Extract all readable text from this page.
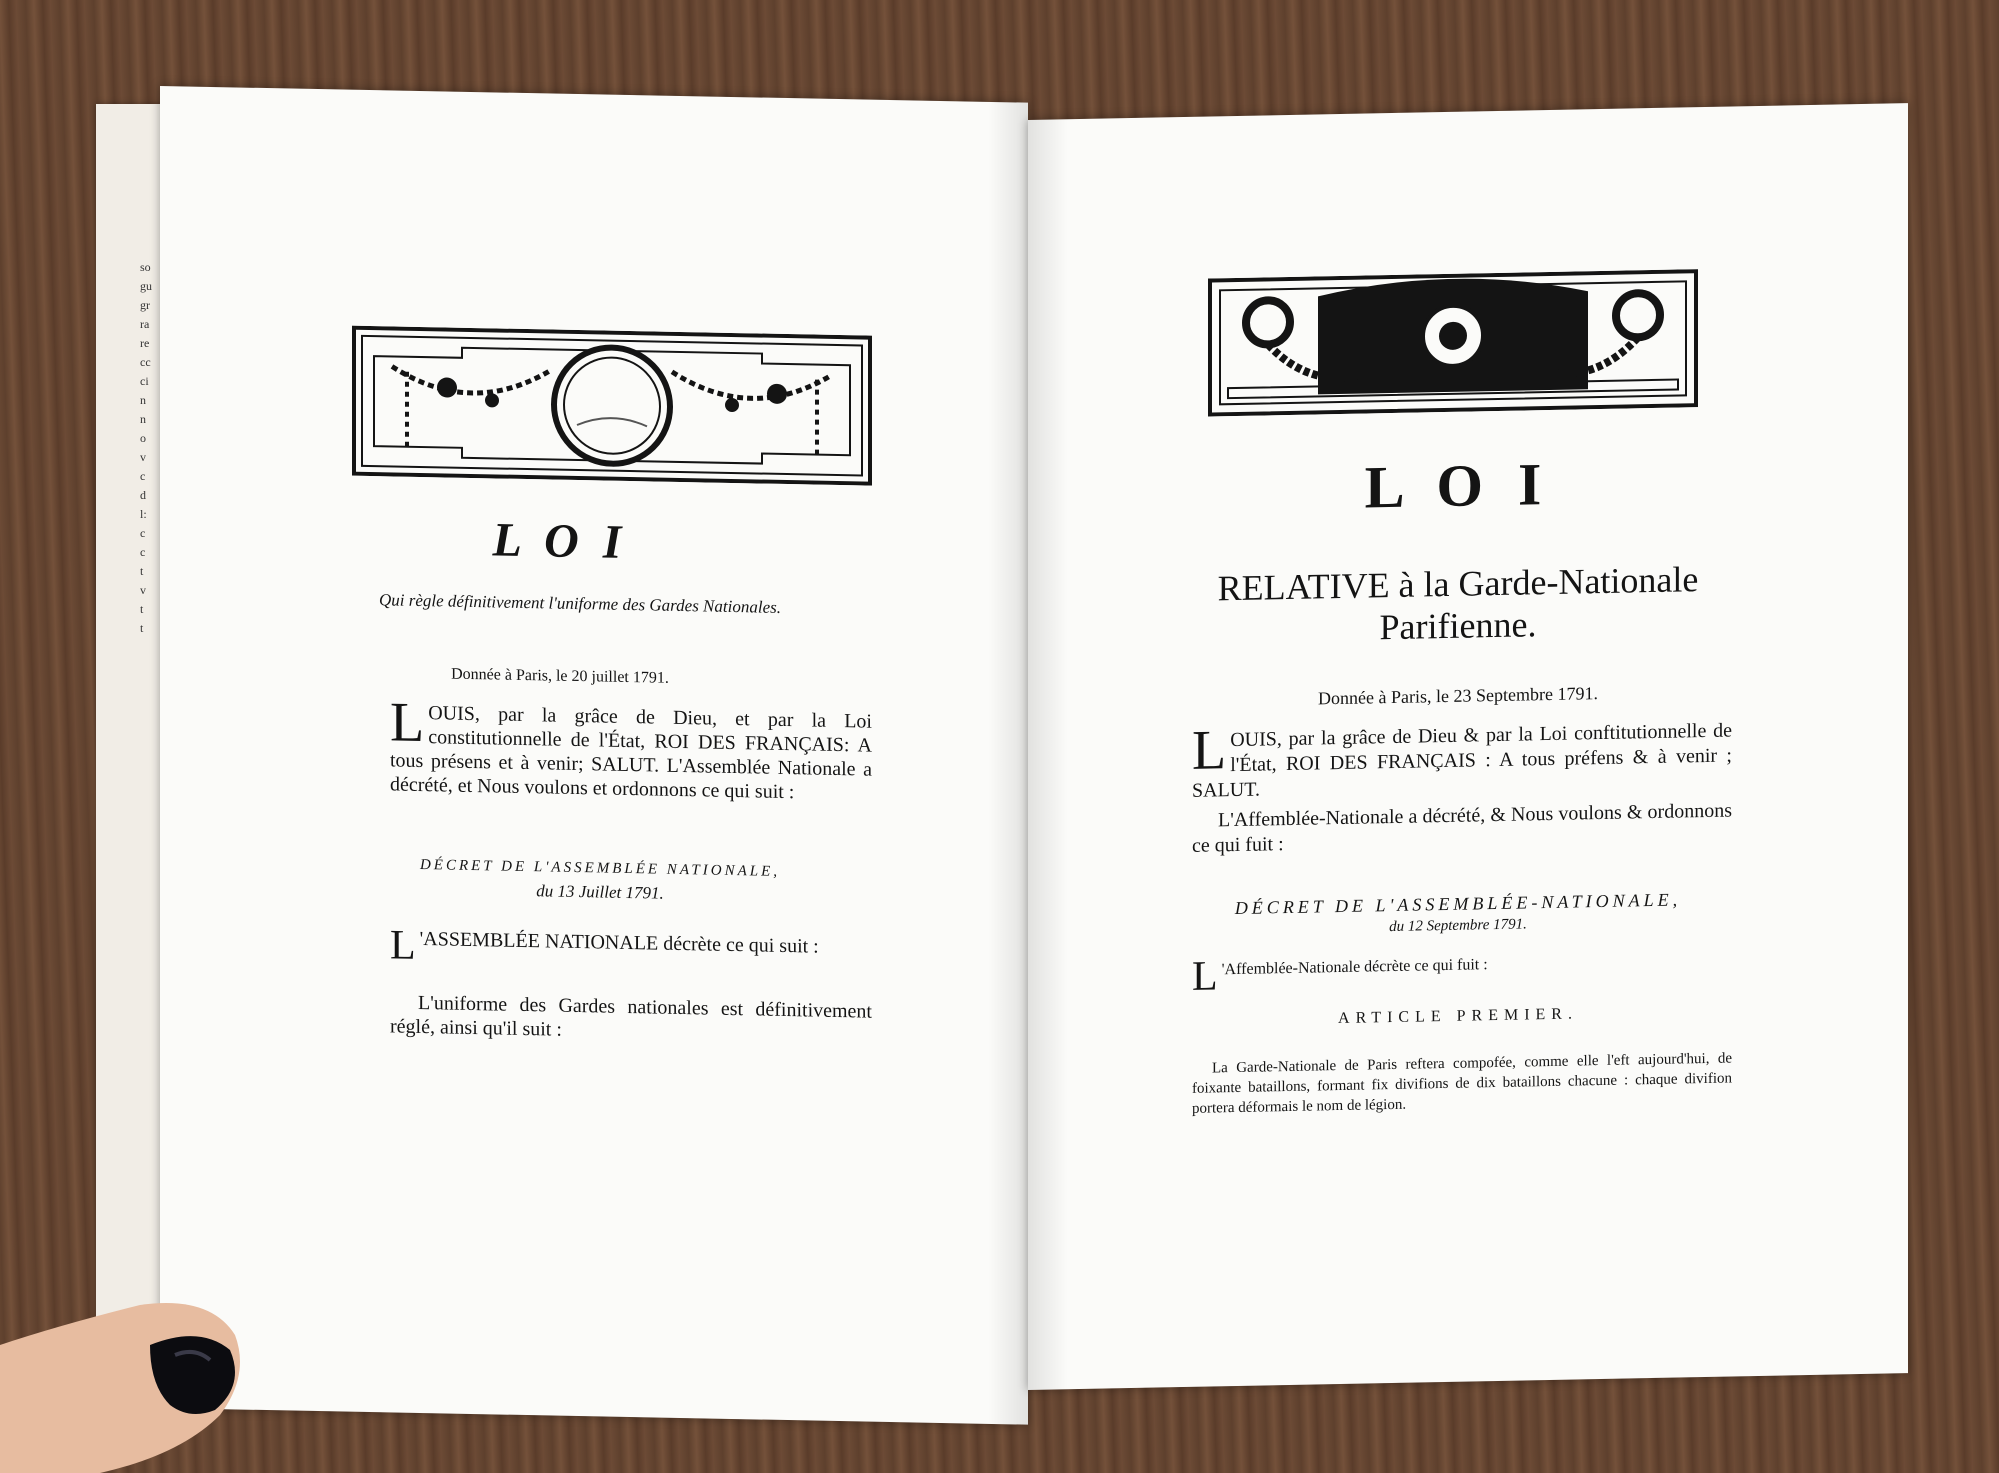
so
gu
gr
ra
re
cc
ci
n
n
o
v
c
d
l:
c
c
t
v
t
t
L O I
Qui règle définitivement l'uniforme des Gardes Nationales.
Donnée à Paris, le 20 juillet 1791.
LOUIS, par la grâce de Dieu, et par la Loi constitutionnelle de l'État, ROI DES FRANÇAIS: A tous présens et à venir; SALUT. L'Assemblée Nationale a décrété, et Nous voulons et ordonnons ce qui suit :
DÉCRET DE L'ASSEMBLÉE NATIONALE,
du 13 Juillet 1791.
L 'ASSEMBLÉE NATIONALE décrète ce qui suit :
L'uniforme des Gardes nationales est définitivement réglé, ainsi qu'il suit :
L O I
RELATIVE à la Garde-Nationale
Parifienne.
Donnée à Paris, le 23 Septembre 1791.
LOUIS, par la grâce de Dieu & par la Loi conftitutionnelle de l'État, ROI DES FRANÇAIS : A tous préfens & à venir ; SALUT.
L'Affemblée-Nationale a décrété, & Nous voulons & ordonnons ce qui fuit :
DÉCRET DE L'ASSEMBLÉE-NATIONALE,
du 12 Septembre 1791.
L 'Affemblée-Nationale décrète ce qui fuit :
ARTICLE PREMIER.
La Garde-Nationale de Paris reftera compofée, comme elle l'eft aujourd'hui, de foixante bataillons, formant fix divifions de dix bataillons chacune : chaque divifion portera déformais le nom de légion.
